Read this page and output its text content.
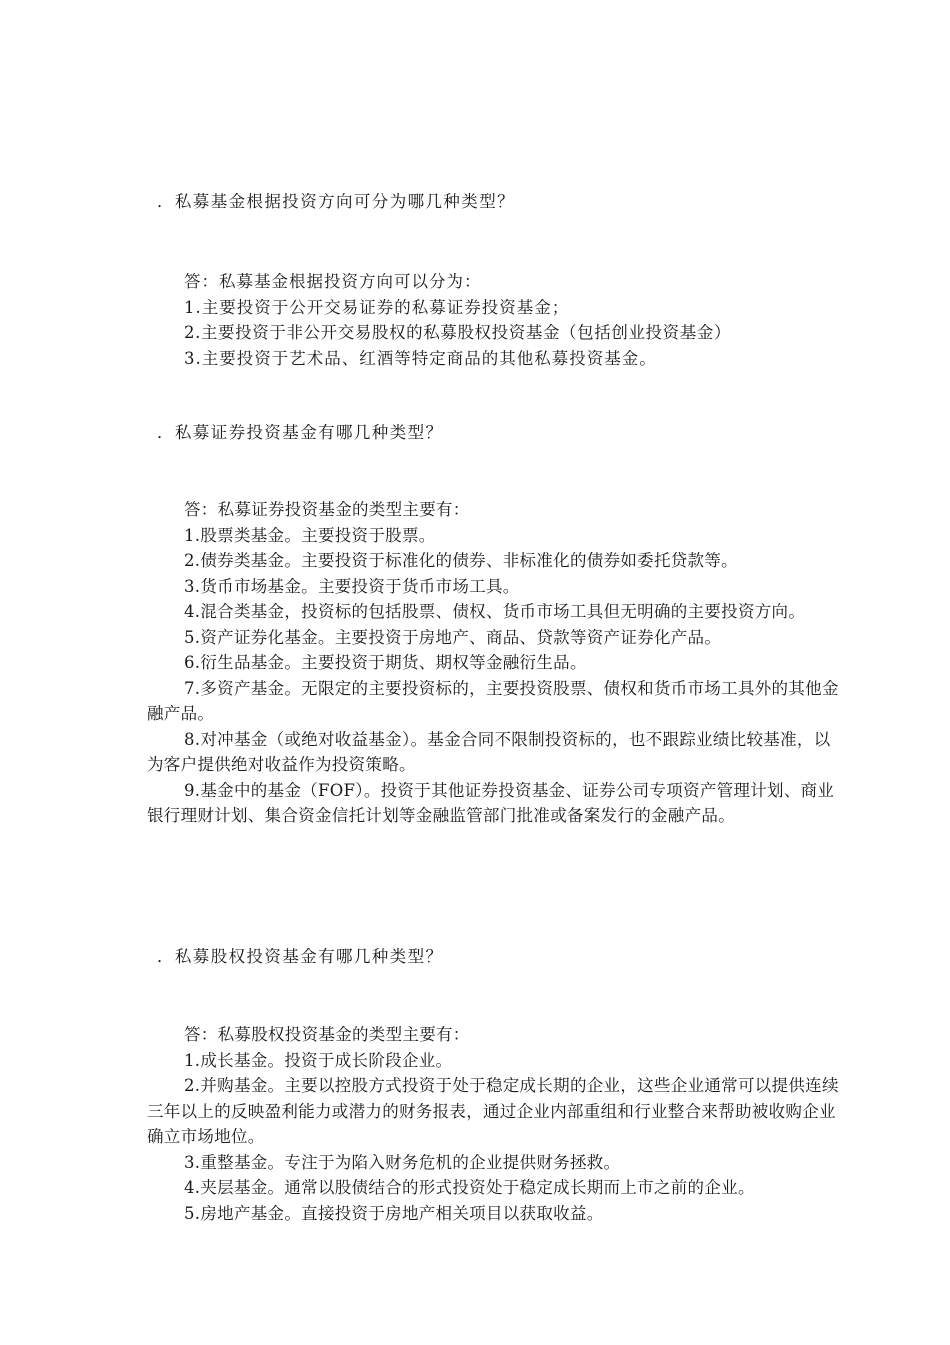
．私募基金根据投资方向可分为哪几种类型？

答：私募基金根据投资方向可以分为：

1.主要投资于公开交易证券的私募证券投资基金；

2.主要投资于非公开交易股权的私募股权投资基金（包括创业投资基金）

3.主要投资于艺术品、红酒等特定商品的其他私募投资基金。

．私募证券投资基金有哪几种类型？

答：私募证券投资基金的类型主要有：

1.股票类基金。主要投资于股票。

2.债券类基金。主要投资于标准化的债券、非标准化的债券如委托贷款等。

3.货币市场基金。主要投资于货币市场工具。

4.混合类基金，投资标的包括股票、债权、货币市场工具但无明确的主要投资方向。

5.资产证券化基金。主要投资于房地产、商品、贷款等资产证券化产品。

6.衍生品基金。主要投资于期货、期权等金融衍生品。

7.多资产基金。无限定的主要投资标的，主要投资股票、债权和货币市场工具外的其他金融产品。

8.对冲基金（或绝对收益基金）。基金合同不限制投资标的，也不跟踪业绩比较基准，以为客户提供绝对收益作为投资策略。

9.基金中的基金（FOF）。投资于其他证券投资基金、证券公司专项资产管理计划、商业银行理财计划、集合资金信托计划等金融监管部门批准或备案发行的金融产品。

．私募股权投资基金有哪几种类型？

答：私募股权投资基金的类型主要有：

1.成长基金。投资于成长阶段企业。

2.并购基金。主要以控股方式投资于处于稳定成长期的企业，这些企业通常可以提供连续三年以上的反映盈利能力或潜力的财务报表，通过企业内部重组和行业整合来帮助被收购企业确立市场地位。

3.重整基金。专注于为陷入财务危机的企业提供财务拯救。

4.夹层基金。通常以股债结合的形式投资处于稳定成长期而上市之前的企业。

5.房地产基金。直接投资于房地产相关项目以获取收益。
